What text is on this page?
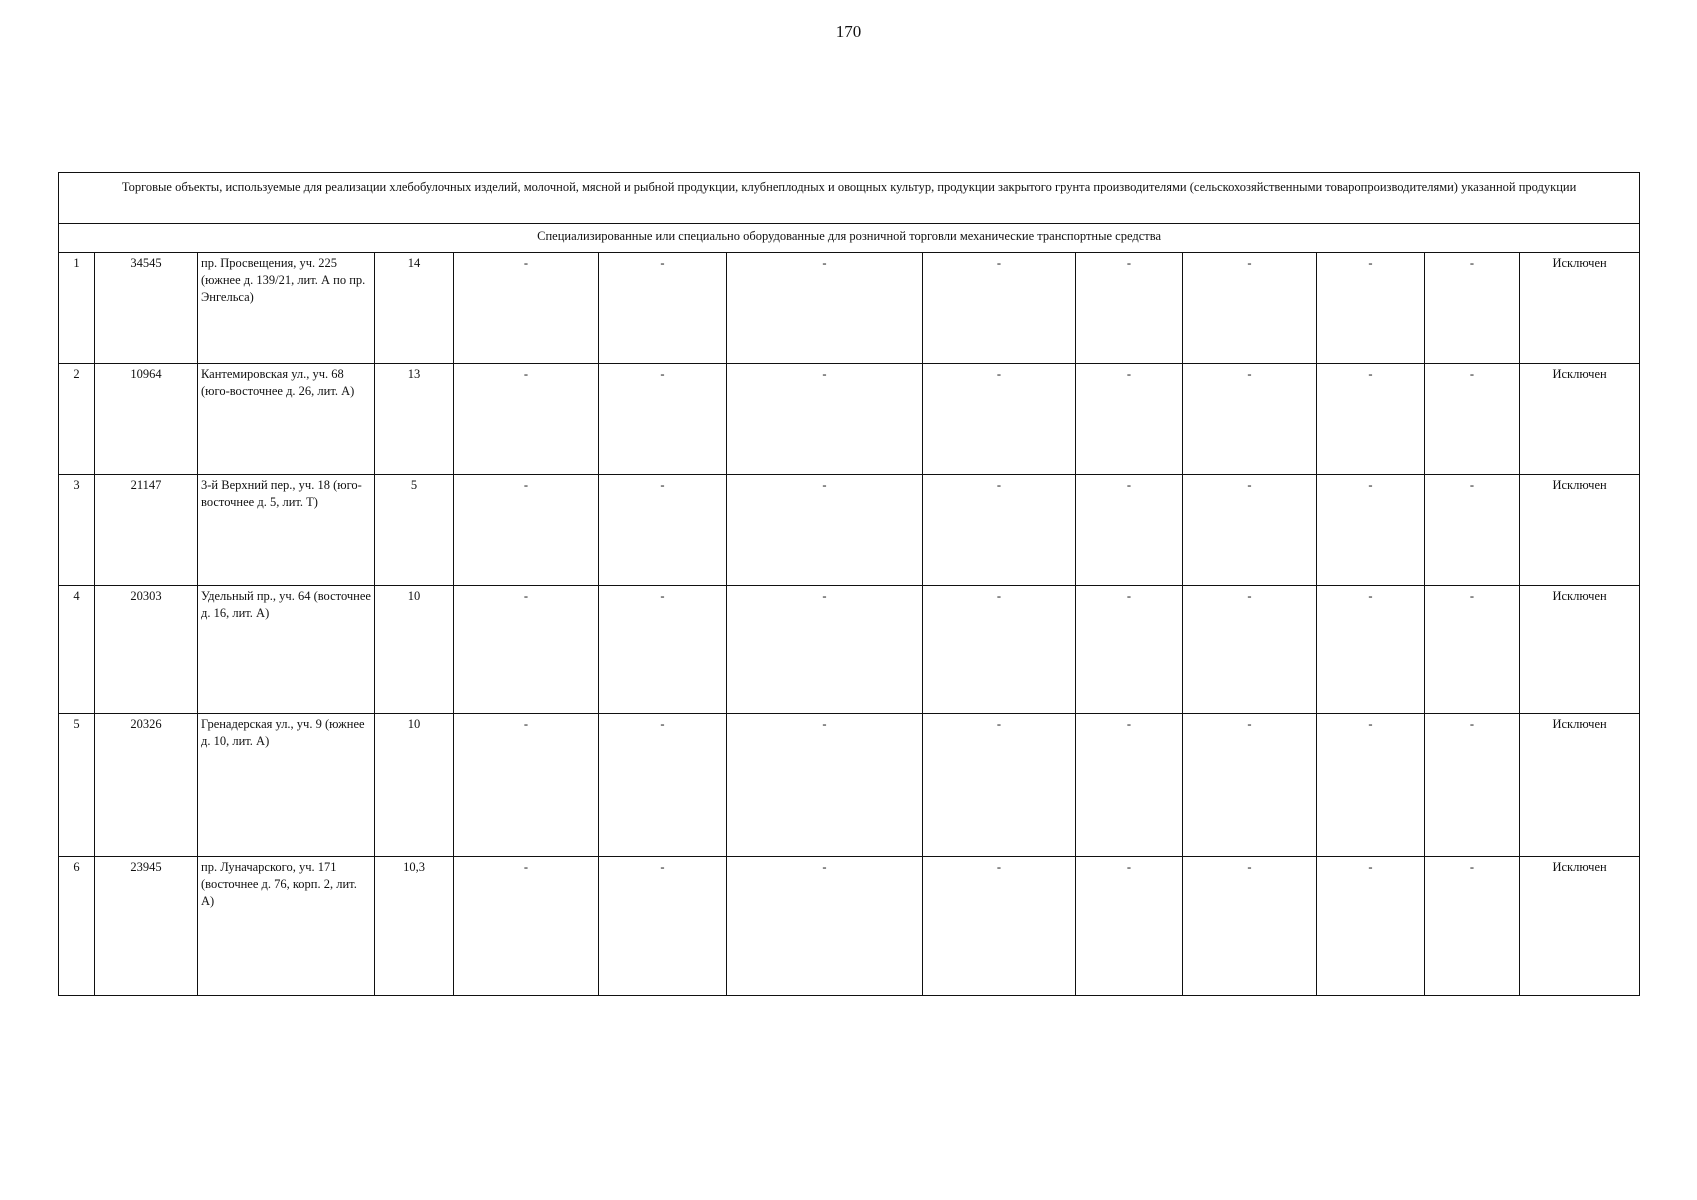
170
Торговые объекты, используемые для реализации хлебобулочных изделий, молочной, мясной и рыбной продукции, клубнеплодных и овощных культур, продукции закрытого грунта производителями (сельскохозяйственными товаропроизводителями) указанной продукции												
Специализированные или специально оборудованные для розничной торговли механические транспортные средства												
1	34545	пр. Просвещения, уч. 225 (южнее д. 139/21, лит. А по пр. Энгельса)	14	-	-	-	-	-	-	-	-	Исключен
2	10964	Кантемировская ул., уч. 68 (юго-восточнее д. 26, лит. А)	13	-	-	-	-	-	-	-	-	Исключен
3	21147	3-й Верхний пер., уч. 18 (юго-восточнее д. 5, лит. Т)	5	-	-	-	-	-	-	-	-	Исключен
4	20303	Удельный пр., уч. 64 (восточнее д. 16, лит. А)	10	-	-	-	-	-	-	-	-	Исключен
5	20326	Гренадерская ул., уч. 9 (южнее д. 10, лит. А)	10	-	-	-	-	-	-	-	-	Исключен
6	23945	пр. Луначарского, уч. 171 (восточнее д. 76, корп. 2, лит. А)	10,3	-	-	-	-	-	-	-	-	Исключен
